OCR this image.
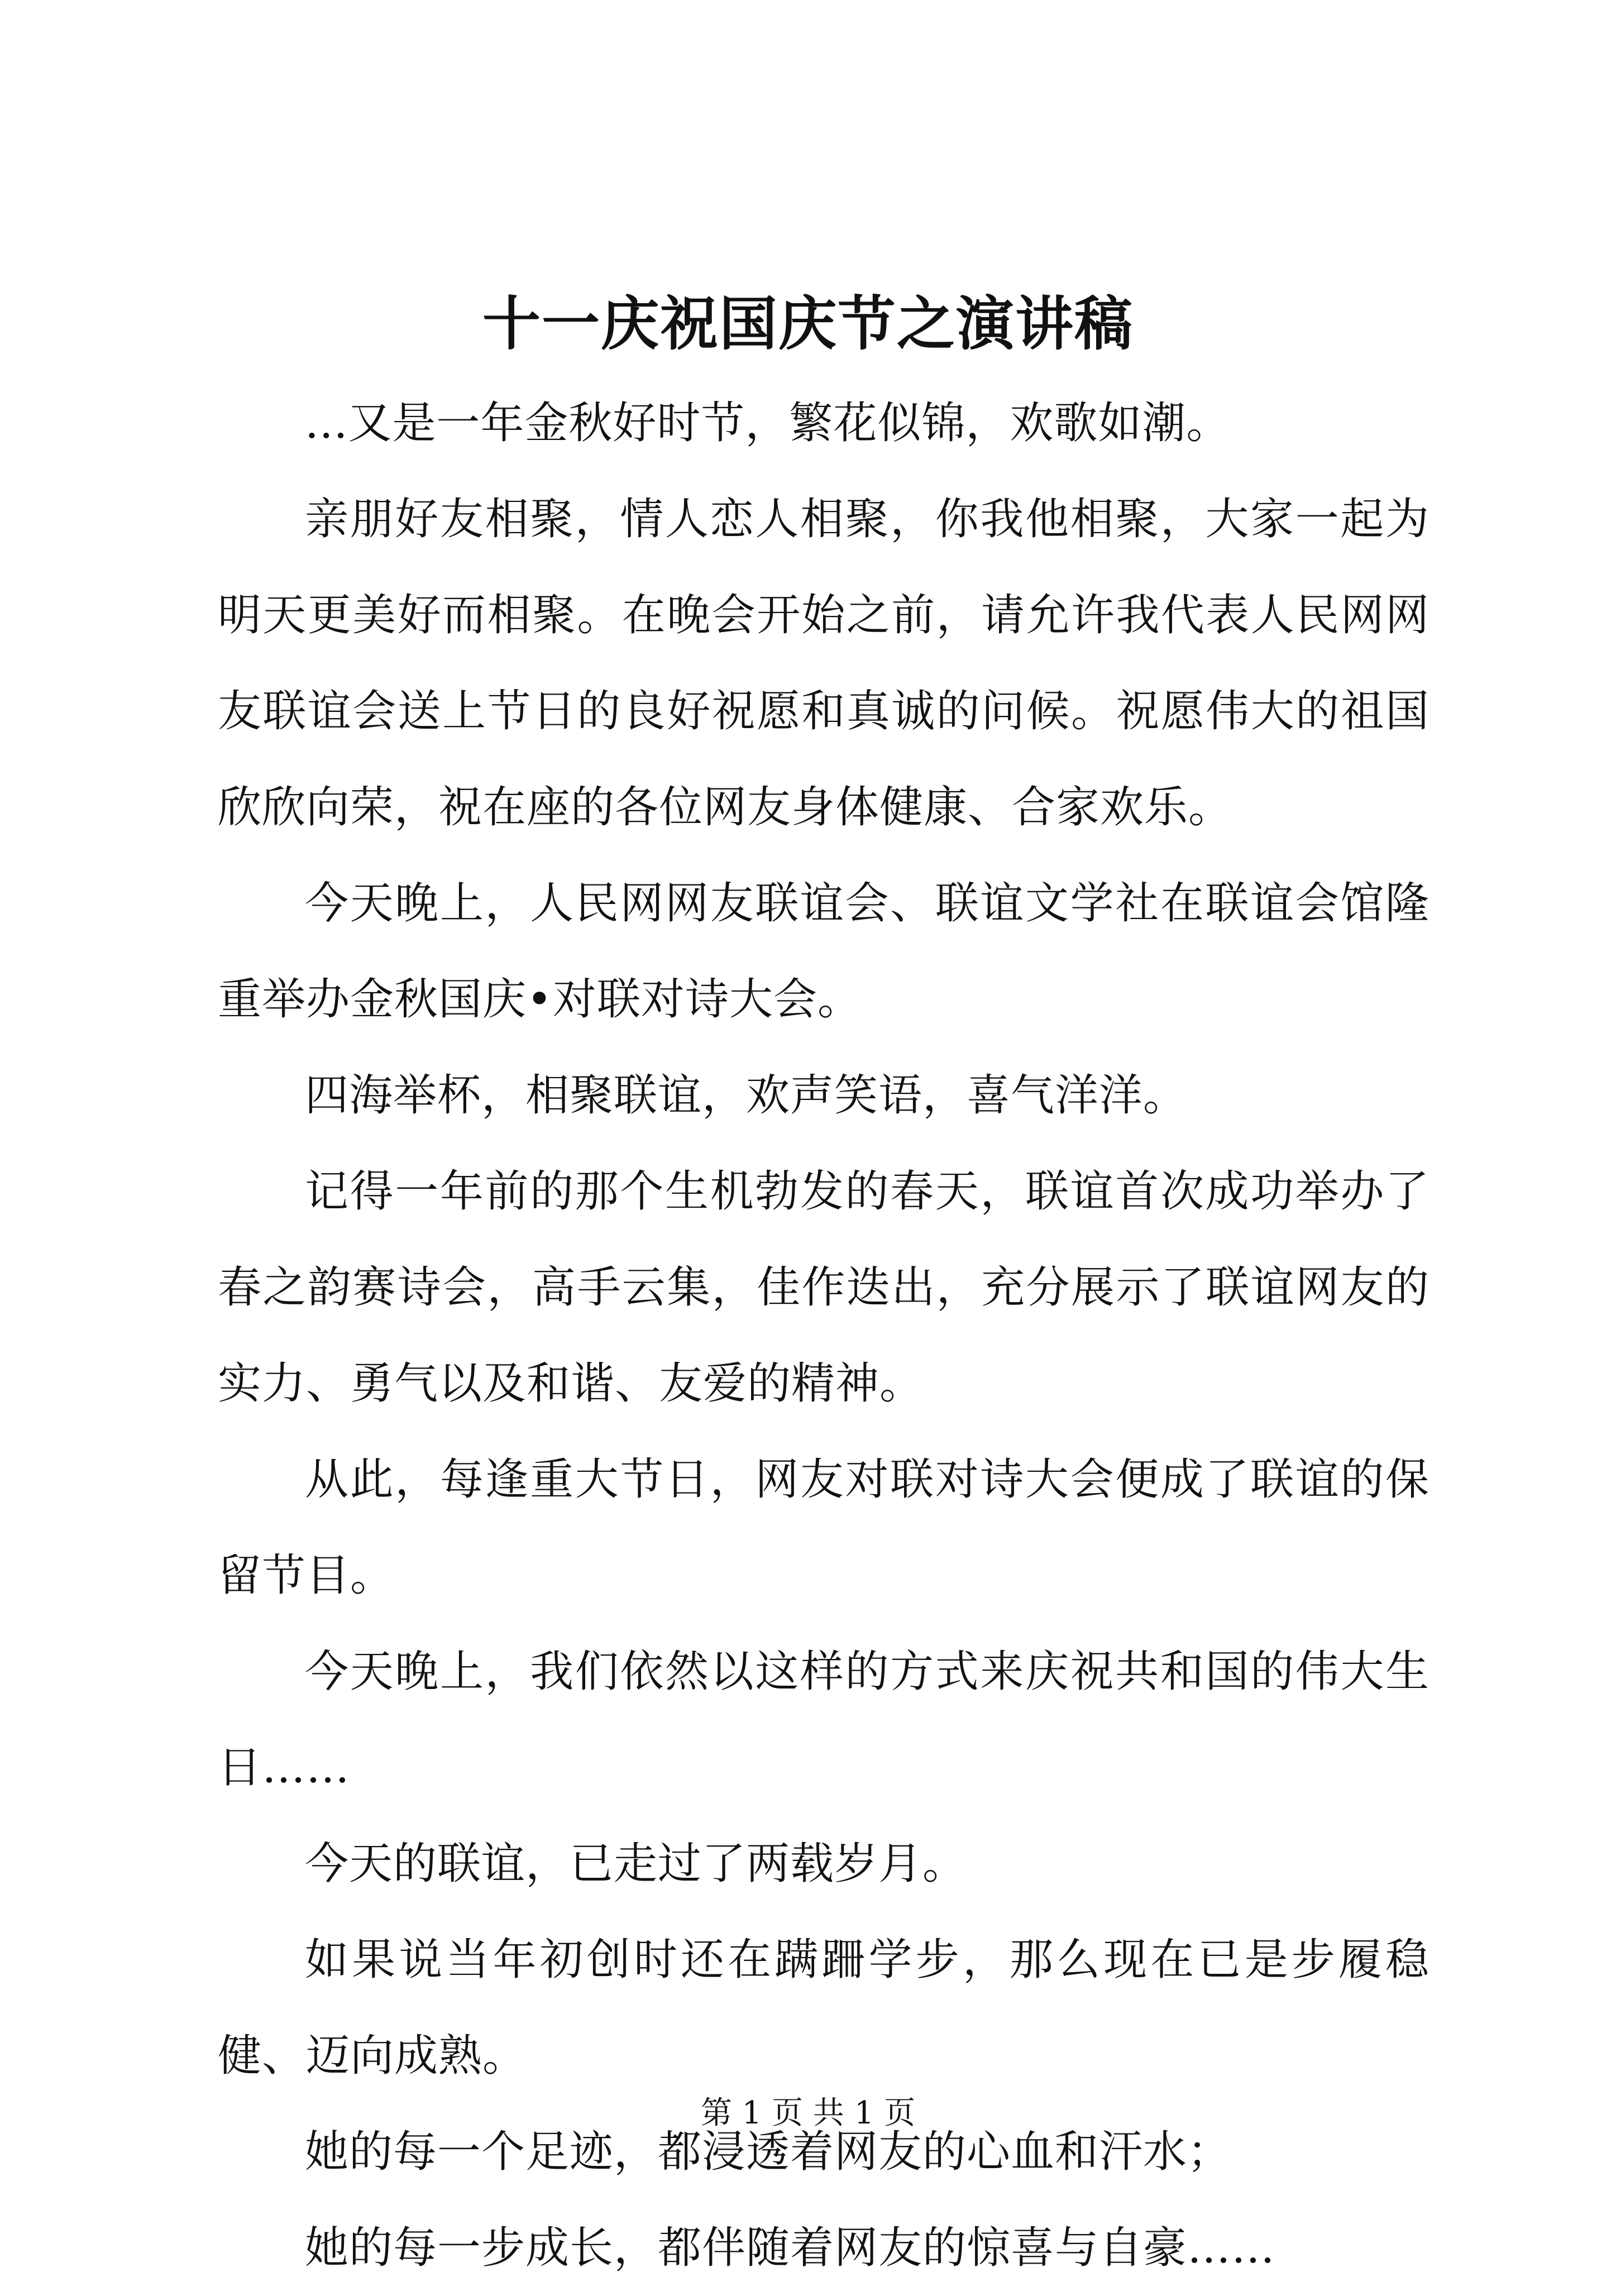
十一庆祝国庆节之演讲稿

...又是一年金秋好时节，繁花似锦，欢歌如潮。

亲朋好友相聚，情人恋人相聚，你我他相聚，大家一起为明天更美好而相聚。在晚会开始之前，请允许我代表人民网网友联谊会送上节日的良好祝愿和真诚的问候。祝愿伟大的祖国欣欣向荣，祝在座的各位网友身体健康、合家欢乐。

今天晚上，人民网网友联谊会、联谊文学社在联谊会馆隆重举办金秋国庆•对联对诗大会。

四海举杯，相聚联谊，欢声笑语，喜气洋洋。

记得一年前的那个生机勃发的春天，联谊首次成功举办了春之韵赛诗会，高手云集，佳作迭出，充分展示了联谊网友的实力、勇气以及和谐、友爱的精神。

从此，每逢重大节日，网友对联对诗大会便成了联谊的保留节目。

今天晚上，我们依然以这样的方式来庆祝共和国的伟大生日……

今天的联谊，已走过了两载岁月。

如果说当年初创时还在蹒跚学步，那么现在已是步履稳健、迈向成熟。

她的每一个足迹，都浸透着网友的心血和汗水；

她的每一步成长，都伴随着网友的惊喜与自豪……

第 1 页 共 1 页
